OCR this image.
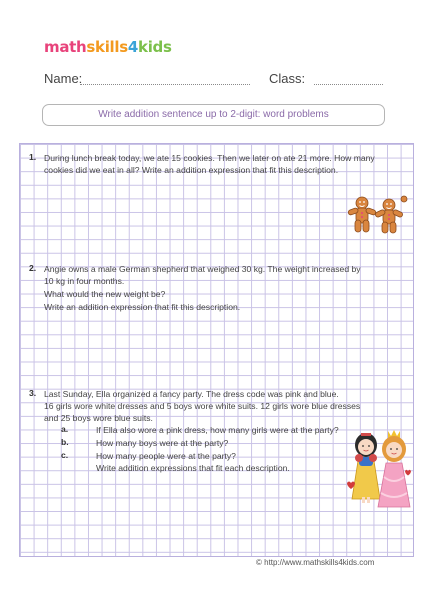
mathskills4kids
Name:	Class:
Write addition sentence up to 2-digit: word problems
1. During lunch break today, we ate 15 cookies. Then we later on ate 21 more. How many
cookies did we eat in all? Write an addition expression that fit this description.
2. Angie owns a male German shepherd that weighed 30 kg. The weight increased by
10 kg in four months.
What would the new weight be?
Write an addition expression that fit this description.
3. Last Sunday, Ella organized a fancy party. The dress code was pink and blue.
16 girls wore white dresses and 5 boys wore white suits. 12 girls wore blue dresses
and 25 boys wore blue suits.
a.	If Ella also wore a pink dress, how many girls were at the party?
b.	How many boys were at the party?
c.	How many people were at the party?
Write addition expressions that fit each description.
© http://www.mathskills4kids.com
